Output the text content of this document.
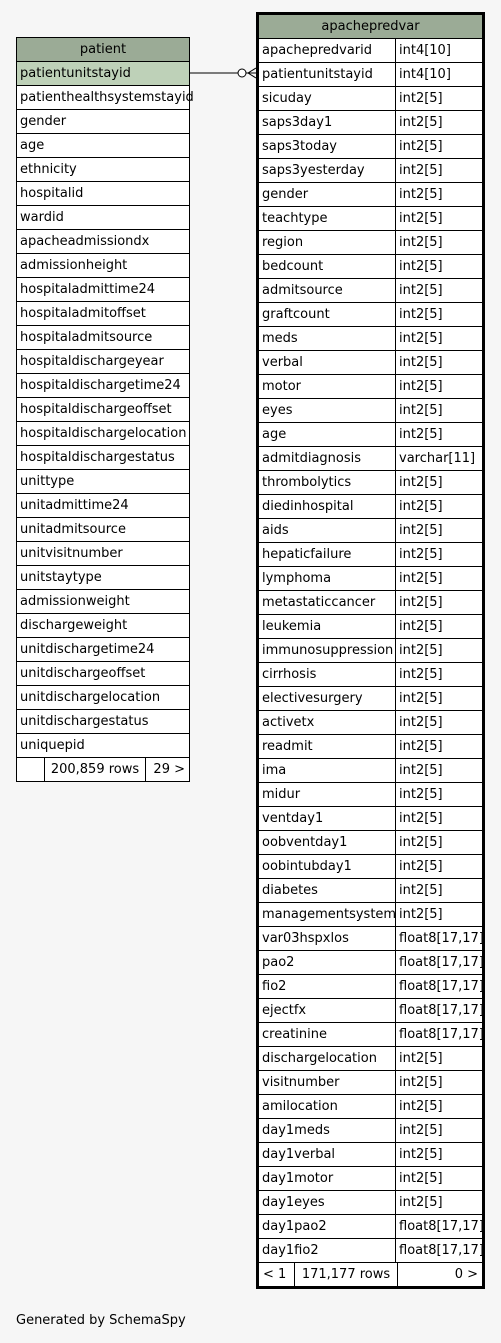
patient
patientunitstayid
patienthealthsystemstayid
gender
age
ethnicity
hospitalid
wardid
apacheadmissiondx
admissionheight
hospitaladmittime24
hospitaladmitoffset
hospitaladmitsource
hospitaldischargeyear
hospitaldischargetime24
hospitaldischargeoffset
hospitaldischargelocation
hospitaldischargestatus
unittype
unitadmittime24
unitadmitsource
unitvisitnumber
unitstaytype
admissionweight
dischargeweight
unitdischargetime24
unitdischargeoffset
unitdischargelocation
unitdischargestatus
uniquepid
200,859 rows	29 >
apachepredvar
apachepredvarid	int4[10]
patientunitstayid	int4[10]
sicuday	int2[5]
saps3day1	int2[5]
saps3today	int2[5]
saps3yesterday	int2[5]
gender	int2[5]
teachtype	int2[5]
region	int2[5]
bedcount	int2[5]
admitsource	int2[5]
graftcount	int2[5]
meds	int2[5]
verbal	int2[5]
motor	int2[5]
eyes	int2[5]
age	int2[5]
admitdiagnosis	varchar[11]
thrombolytics	int2[5]
diedinhospital	int2[5]
aids	int2[5]
hepaticfailure	int2[5]
lymphoma	int2[5]
metastaticcancer	int2[5]
leukemia	int2[5]
immunosuppression int2[5]
cirrhosis	int2[5]
electivesurgery	int2[5]
activetx	int2[5]
readmit	int2[5]
ima	int2[5]
midur	int2[5]
ventday1	int2[5]
oobventday1	int2[5]
oobintubday1	int2[5]
diabetes	int2[5]
managementsystem int2[5]
var03hspxlos	float8[17,17]
pao2	float8[17,17]
fio2	float8[17,17]
ejectfx	float8[17,17]
creatinine	float8[17,17]
dischargelocation	int2[5]
visitnumber	int2[5]
amilocation	int2[5]
day1meds	int2[5]
day1verbal	int2[5]
day1motor	int2[5]
day1eyes	int2[5]
day1pao2	float8[17,17]
day1fio2	float8[17,17]
< 1	171,177 rows	0 >
Generated by SchemaSpy
